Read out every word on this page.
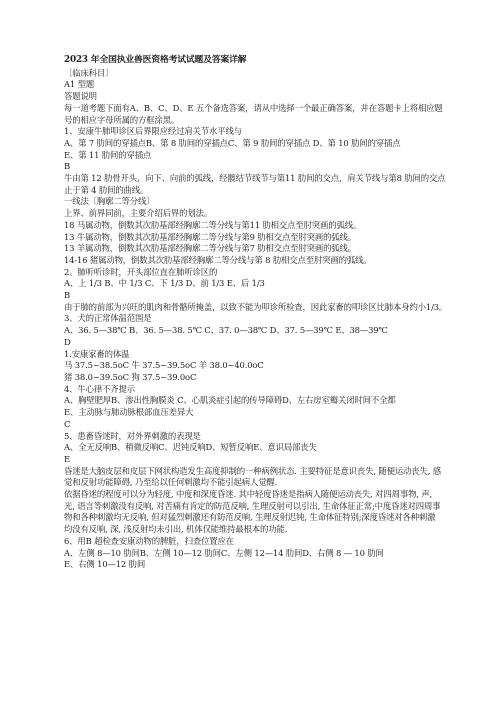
2023 年全国执业兽医资格考试试题及答案详解
〔临床科目〕
A1 型题
答题说明
每一道考题下面有A、B、C、D、E 五个备选答案，请从中选择一个最正确答案，并在答题卡上将相应题
号的相应字母所属的方框涂黑。
1、安康牛肺叩诊区后界限应经过肩关节水平线与
A、第 7 肋间的穿插点B、第 8 肋间的穿插点C、第 9 肋间的穿插点 D、第 10 肋间的穿插点
E、第 11 肋间的穿插点
B
牛由第 12 肋骨开头，向下、向前的弧线，经髋结节线节与第11 肋间的交点，肩关节线与第8 肋间的交点
止于第 4 肋间的曲线。
一线法〔胸廓二等分线〕
上界、前界同前，主要介绍后界的划法。
18 马属动物，倒数其次肋基部经胸廓二等分线与第11 肋相交点至肘突画的弧线。
13 牛属动物，倒数其次肋基部经胸廓二等分线与第9 肋相交点至肘突画的弧线。
13 羊属动物，倒数其次肋基部经胸廓二等分线与第7 肋相交点至肘突画的弧线。
14-16 猪属动物，倒数其次肋基部经胸廓二等分线与第 8 肋相交点至肘突画的弧线。
2、肺听听诊时，开头部位直在肺听诊区的
A、上 1/3 B、中 1/3 C、下 1/3 D、前 1/3 E、后 1/3
B
由于肺的前部为兴旺的肌肉和骨骼所掩盖，以致不能为叩诊所检查，因此家畜的叩诊区比肺本身约小1/3。
3、犬的正常体温范围是
A、36. 5—38℃ B、36. 5—38. 5℃ C、37. 0—38℃ D、37. 5—39℃ E、38—39℃
D
1.安康家畜的体温
马 37.5~38.5oC 牛 37.5~39.5oC 羊 38.0~40.0oC
猪 38.0~39.5oC 狗 37.5~39.0oC
4、牛心律不齐提示
A、胸壁肥厚B、渗出性胸膜炎 C、心肌炎症引起的传导障碍D、左右房室瓣关闭时间不全都
E、主动脉与肺动脉根部血压差异大
C
5、患畜昏迷时，对外界刺激的表现是
A、全无反响B、稍微反响C、迟钝反响D、短暂反响E、意识局部丧失
E
昏迷是大脑皮层和皮层下网状构造发生高度抑制的一种病例状态. 主要特征是意识丧失, 随便运动丧失, 感
觉和反射功能障碍, 乃至给以任何刺激均不能引起病人觉醒.
依据昏迷的程度可以分为轻度, 中度和深度昏迷. 其中轻度昏迷是指病人随便运动丧失, 对四周事物, 声,
光, 语言等刺激没有反响, 对苦痛有肯定的防范反响, 生理反射可以引出, 生命体征正常;中度昏迷对四周事
物和各种刺激均无反响, 但对猛烈刺激还有防范反响, 生理反射迟钝, 生命体征特别;深度昏迷对各种刺激
均没有反响, 深, 浅反射均未引出, 机体仅能维持最根本的功能.
6、用B 超检查安康动物的脾脏，扫查位置应在
A、左侧 8—10 肋间B、左侧 10—12 肋间C、左侧 12—14 肋间D、右侧 8 — 10 肋间
E、右侧 10—12 肋间
